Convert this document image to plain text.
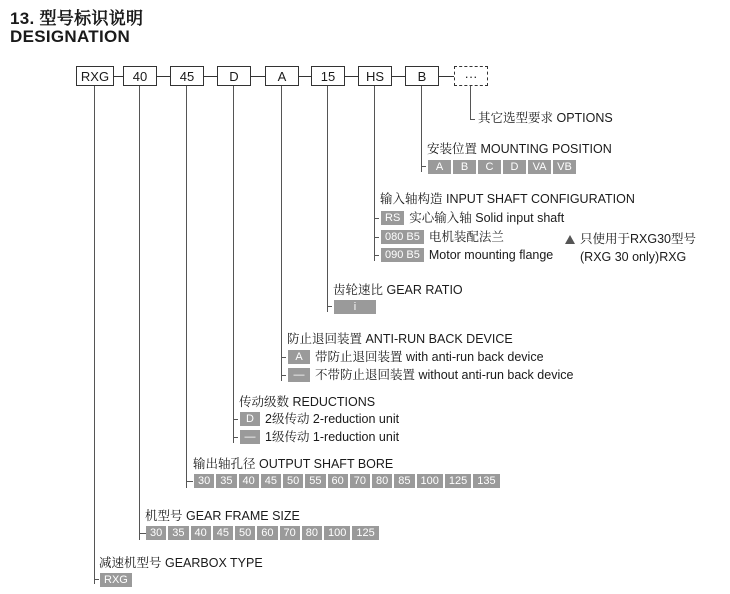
13. 型号标识说明
DESIGNATION
RXG	40	45	D	A	15	HS	B	···
其它选型要求 OPTIONS
安装位置 MOUNTING POSITION
A	B	C	D	VA VB
输入轴构造 INPUT SHAFT CONFIGURATION
RS 实心输入轴 Solid input shaft
080 B5 电机装配法兰
090 B5 Motor mounting flange
只使用于RXG30型号
(RXG 30 only)RXG
齿轮速比 GEAR RATIO
i
防止退回装置 ANTI-RUN BACK DEVICE
A 带防止退回装置 with anti-run back device
— 不带防止退回装置 without anti-run back device
传动级数 REDUCTIONS
D 2级传动 2-reduction unit
— 1级传动 1-reduction unit
输出轴孔径 OUTPUT SHAFT BORE
30 35 40 45 50 55 60 70 80 85 100 125 135
机型号 GEAR FRAME SIZE
30 35 40 45 50 60 70 80 100 125
减速机型号 GEARBOX TYPE
RXG
